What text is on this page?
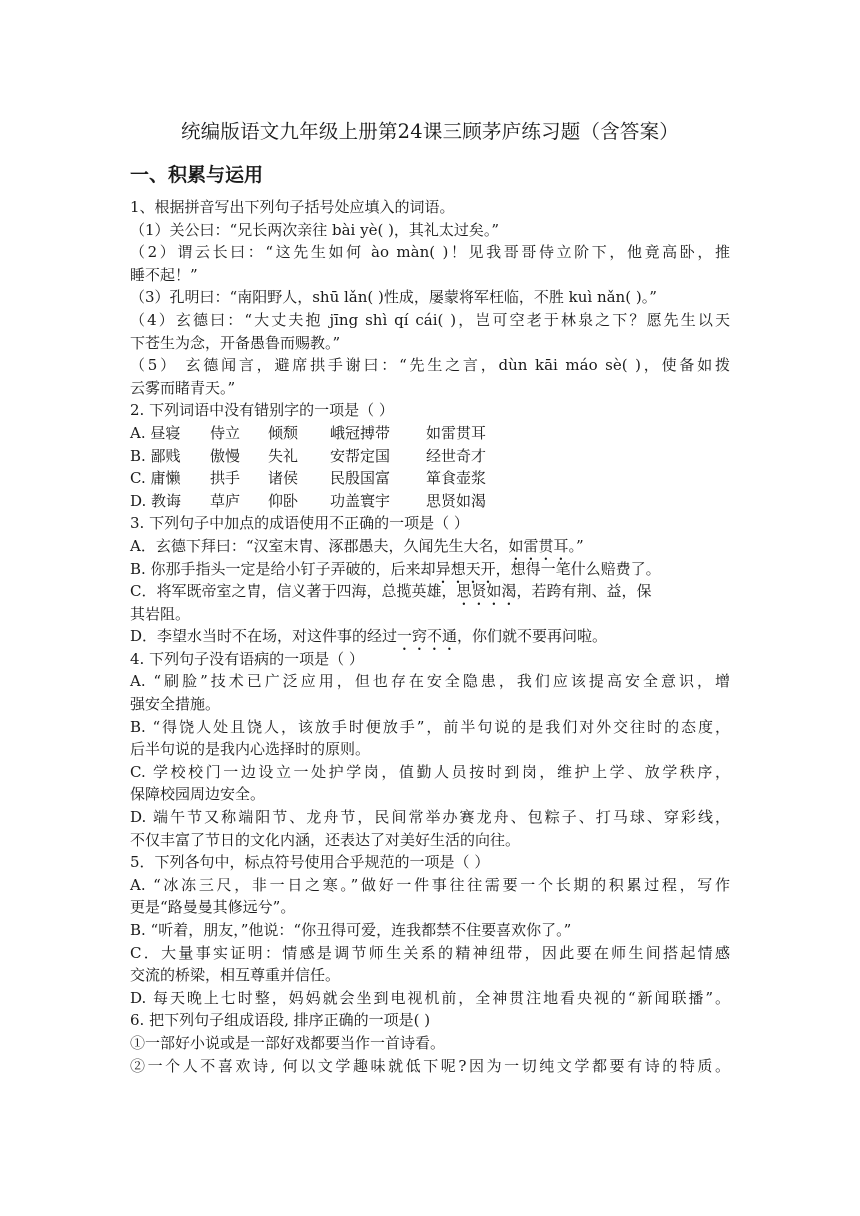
统编版语文九年级上册第24课三顾茅庐练习题（含答案）
一、积累与运用
1、根据拼音写出下列句子括号处应填入的词语。
（1）关公曰：“兄长两次亲往 bài yè( )，其礼太过矣。”
（2）谓云长曰：“这先生如何 ào màn( )！见我哥哥侍立阶下，他竟高卧，推
睡不起！”
（3）孔明曰：“南阳野人，shū lǎn( )性成，屡蒙将军枉临，不胜 kuì nǎn( )。”
（4）玄德曰：“大丈夫抱 jīng shì qí cái( )，岂可空老于林泉之下？愿先生以天
下苍生为念，开备愚鲁而赐教。”
（5） 玄德闻言，避席拱手谢曰：“先生之言，dùn kāi máo sè( )，使备如拨
云雾而睹青天。”
2. 下列词语中没有错别字的一项是（ ）
A. 昼寝 侍立 倾颓 峨冠搏带 如雷贯耳
B. 鄙贱 傲慢 失礼 安帮定国 经世奇才
C. 庸懒 拱手 诸侯 民殷国富 箪食壶浆
D. 教诲 草庐 仰卧 功盖寰宇 思贤如渴
3. 下列句子中加点的成语使用不正确的一项是（ ）
A．玄德下拜曰：“汉室末胄、涿郡愚夫，久闻先生大名，如雷贯耳。”
B. 你那手指头一定是给小钉子弄破的，后来却异想天开，想得一笔什么赔费了。
C．将军既帝室之胄，信义著于四海，总揽英雄，思贤如渴，若跨有荆、益，保
其岩阻。
D．李望水当时不在场，对这件事的经过一窍不通，你们就不要再问啦。
4. 下列句子没有语病的一项是（ ）
A. “刷脸”技术已广泛应用，但也存在安全隐患，我们应该提高安全意识，增
强安全措施。
B. “得饶人处且饶人，该放手时便放手”，前半句说的是我们对外交往时的态度，
后半句说的是我内心选择时的原则。
C. 学校校门一边设立一处护学岗，值勤人员按时到岗，维护上学、放学秩序，
保障校园周边安全。
D. 端午节又称端阳节、龙舟节，民间常举办赛龙舟、包粽子、打马球、穿彩线，
不仅丰富了节日的文化内涵，还表达了对美好生活的向往。
5．下列各句中，标点符号使用合乎规范的一项是（ ）
A. “冰冻三尺，非一日之寒。”做好一件事往往需要一个长期的积累过程，写作
更是“路曼曼其修远兮”。
B. “听着，朋友，”他说：“你丑得可爱，连我都禁不住要喜欢你了。”
C．大量事实证明：情感是调节师生关系的精神纽带，因此要在师生间搭起情感
交流的桥梁，相互尊重并信任。
D. 每天晚上七时整，妈妈就会坐到电视机前，全神贯注地看央视的“新闻联播”。
6. 把下列句子组成语段, 排序正确的一项是( )
①一部好小说或是一部好戏都要当作一首诗看。
②一个人不喜欢诗, 何以文学趣味就低下呢?因为一切纯文学都要有诗的特质。
